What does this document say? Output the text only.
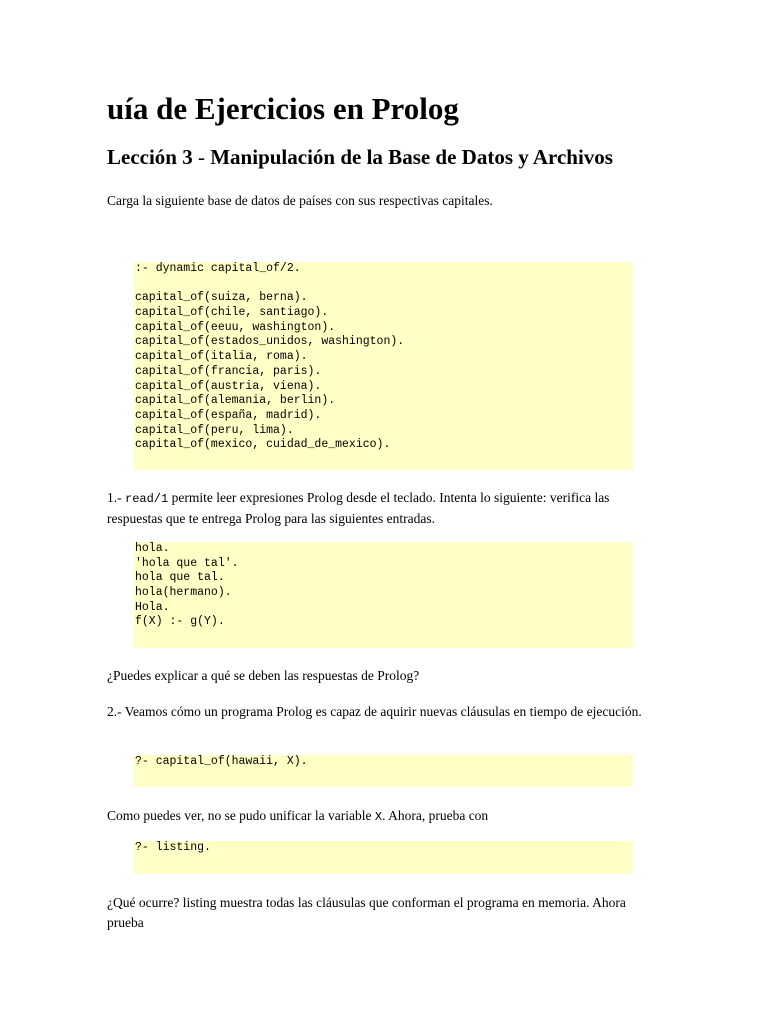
uía de Ejercicios en Prolog
Lección 3 - Manipulación de la Base de Datos y Archivos

Carga la siguiente base de datos de países con sus respectivas capitales.

:- dynamic capital_of/2.
capital_of(suiza, berna).
capital_of(chile, santiago).
capital_of(eeuu, washington).
capital_of(estados_unidos, washington).
capital_of(italia, roma).
capital_of(francia, paris).
capital_of(austria, viena).
capital_of(alemania, berlin).
capital_of(españa, madrid).
capital_of(peru, lima).
capital_of(mexico, cuidad_de_mexico).

1.- read/1 permite leer expresiones Prolog desde el teclado. Intenta lo siguiente: verifica las respuestas que te entrega Prolog para las siguientes entradas.

hola.
'hola que tal'.
hola que tal.
hola(hermano).
Hola.
f(X) :- g(Y).

¿Puedes explicar a qué se deben las respuestas de Prolog?

2.- Veamos cómo un programa Prolog es capaz de aquirir nuevas cláusulas en tiempo de ejecución.

?- capital_of(hawaii, X).

Como puedes ver, no se pudo unificar la variable X. Ahora, prueba con

?- listing.

¿Qué ocurre? listing muestra todas las cláusulas que conforman el programa en memoria. Ahora prueba
